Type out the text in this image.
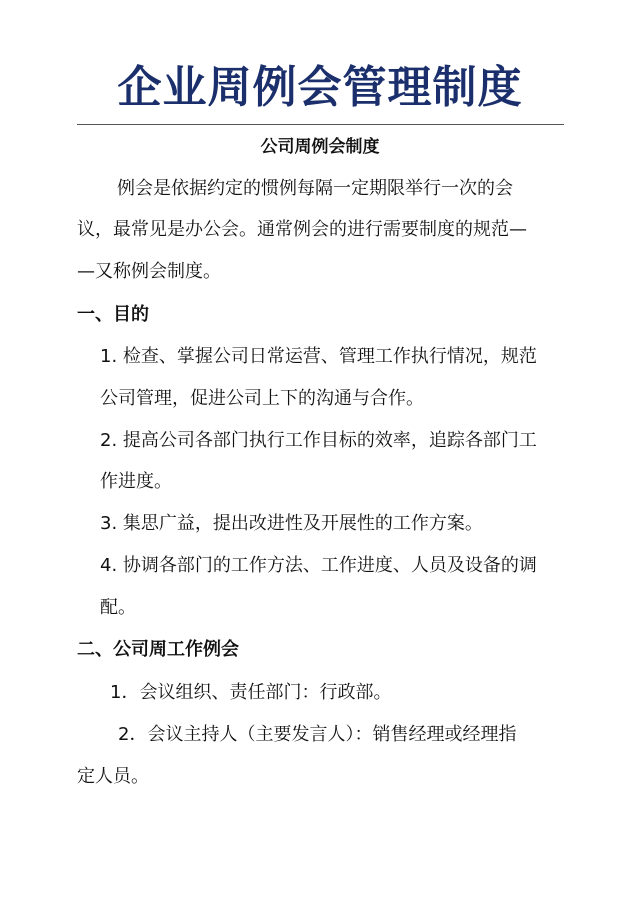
企业周例会管理制度
公司周例会制度
例会是依据约定的惯例每隔一定期限举行一次的会
议，最常见是办公会。通常例会的进行需要制度的规范—
—又称例会制度。
一、目的
1. 检查、掌握公司日常运营、管理工作执行情况，规范
公司管理，促进公司上下的沟通与合作。
2. 提高公司各部门执行工作目标的效率，追踪各部门工
作进度。
3. 集思广益，提出改进性及开展性的工作方案。
4. 协调各部门的工作方法、工作进度、人员及设备的调
配。
二、公司周工作例会
1．会议组织、责任部门：行政部。
2．会议主持人（主要发言人）：销售经理或经理指
定人员。
